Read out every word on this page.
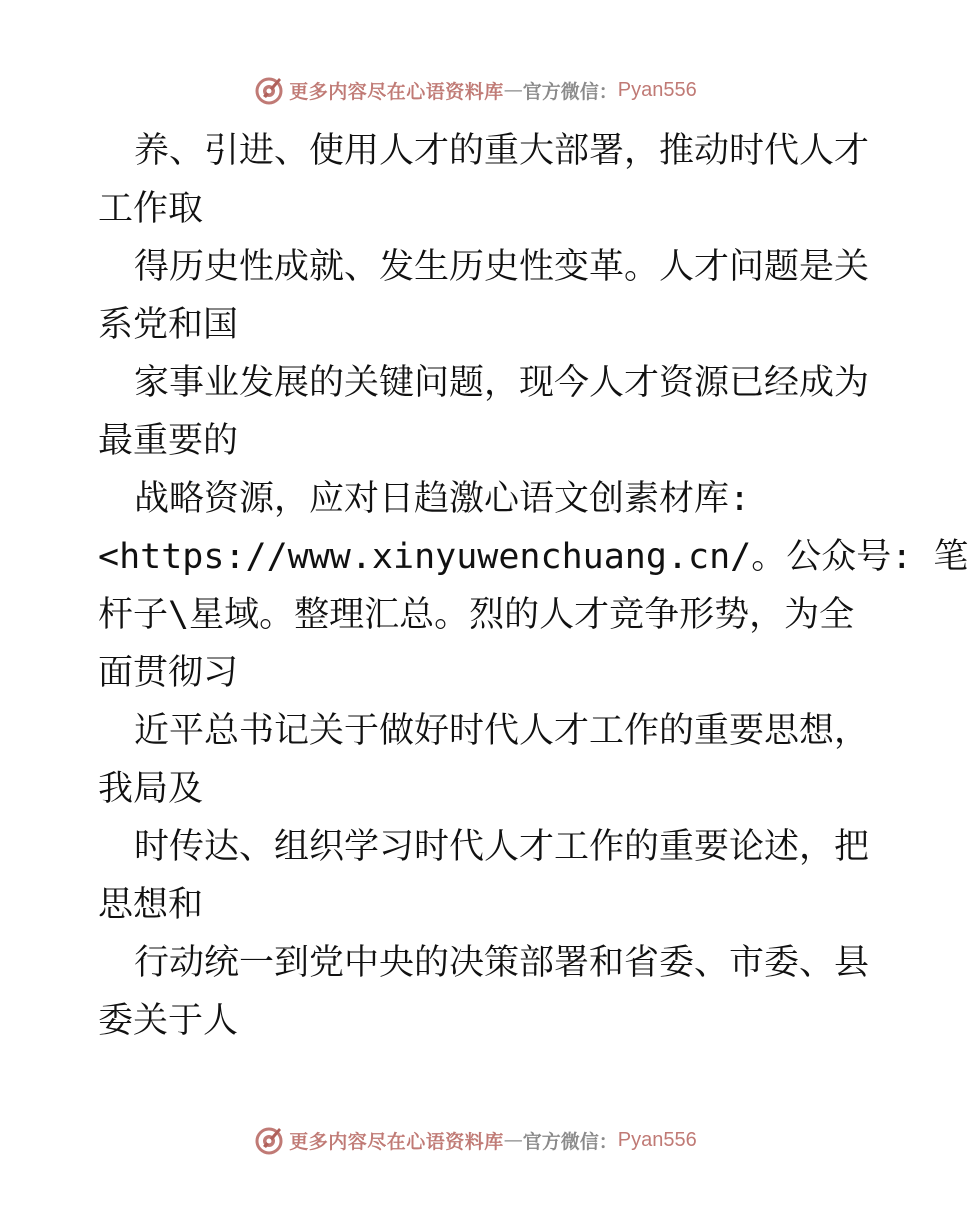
更多内容尽在心语资料库 — 官方微信： Pyan556
养、引进、使用人才的重大部署，推动时代人才
工作取
得历史性成就、发生历史性变革。人才问题是关
系党和国
家事业发展的关键问题，现今人才资源已经成为
最重要的
战略资源，应对日趋激心语文创素材库:
<https://www.xinyuwenchuang.cn/。公众号: 笔
杆子\星域。整理汇总。烈的人才竞争形势，为全
面贯彻习
近平总书记关于做好时代人才工作的重要思想，
我局及
时传达、组织学习时代人才工作的重要论述，把
思想和
行动统一到党中央的决策部署和省委、市委、县
委关于人
更多内容尽在心语资料库 — 官方微信： Pyan556
